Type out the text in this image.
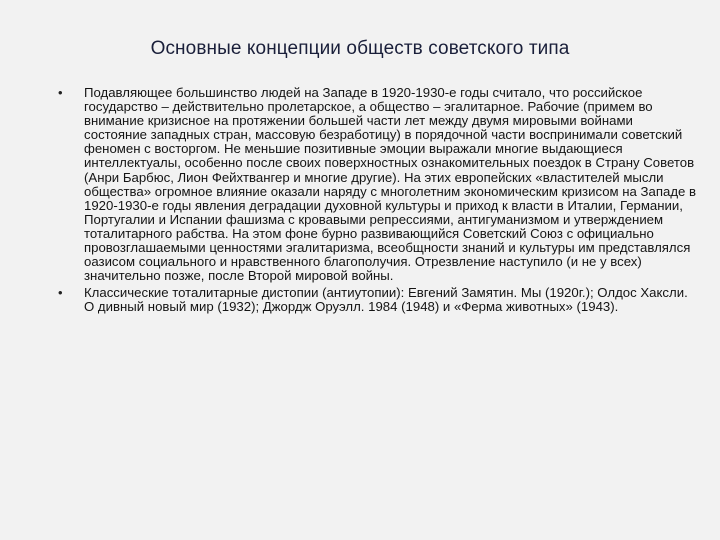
Основные концепции обществ советского типа
• Подавляющее большинство людей на Западе в 1920-1930-е годы считало, что российское государство – действительно пролетарское, а общество – эгалитарное. Рабочие (примем во внимание кризисное на протяжении большей части лет между двумя мировыми войнами состояние западных стран, массовую безработицу) в порядочной части воспринимали советский феномен с восторгом. Не меньшие позитивные эмоции выражали многие выдающиеся интеллектуалы, особенно после своих поверхностных ознакомительных поездок в Страну Советов (Анри Барбюс, Лион Фейхтвангер и многие другие). На этих европейских «властителей мысли общества» огромное влияние оказали наряду с многолетним экономическим кризисом на Западе в 1920-1930-е годы явления деградации духовной культуры и приход к власти в Италии, Германии, Португалии и Испании фашизма с кровавыми репрессиями, антигуманизмом и утверждением тоталитарного рабства. На этом фоне бурно развивающийся Советский Союз с официально провозглашаемыми ценностями эгалитаризма, всеобщности знаний и культуры им представлялся оазисом социального и нравственного благополучия. Отрезвление наступило (и не у всех) значительно позже, после Второй мировой войны.
• Классические тоталитарные дистопии (антиутопии): Евгений Замятин. Мы (1920г.); Олдос Хаксли. О дивный новый мир (1932); Джордж Оруэлл. 1984 (1948) и «Ферма животных» (1943).
